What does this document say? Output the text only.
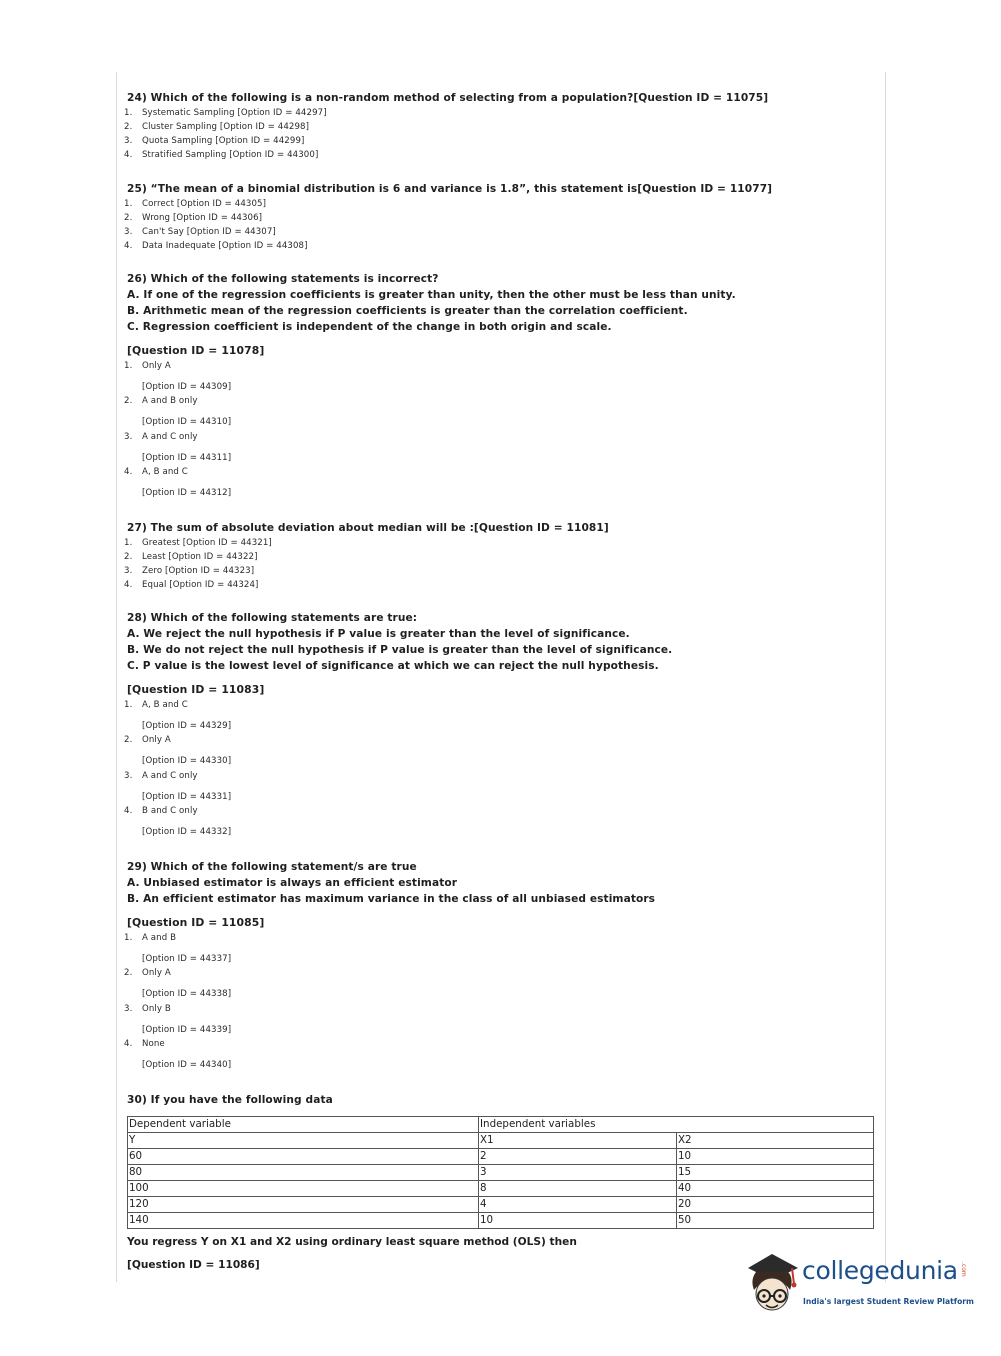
24) Which of the following is a non-random method of selecting from a population?[Question ID = 11075]
1. Systematic Sampling [Option ID = 44297]
2. Cluster Sampling [Option ID = 44298]
3. Quota Sampling [Option ID = 44299]
4. Stratified Sampling [Option ID = 44300]
25) “The mean of a binomial distribution is 6 and variance is 1.8”, this statement is[Question ID = 11077]
1. Correct [Option ID = 44305]
2. Wrong [Option ID = 44306]
3. Can't Say [Option ID = 44307]
4. Data Inadequate [Option ID = 44308]
26) Which of the following statements is incorrect?
A. If one of the regression coefficients is greater than unity, then the other must be less than unity.
B. Arithmetic mean of the regression coefficients is greater than the correlation coefficient.
C. Regression coefficient is independent of the change in both origin and scale.
[Question ID = 11078]
1. Only A
[Option ID = 44309]
2. A and B only
[Option ID = 44310]
3. A and C only
[Option ID = 44311]
4. A, B and C
[Option ID = 44312]
27) The sum of absolute deviation about median will be :[Question ID = 11081]
1. Greatest [Option ID = 44321]
2. Least [Option ID = 44322]
3. Zero [Option ID = 44323]
4. Equal [Option ID = 44324]
28) Which of the following statements are true:
A. We reject the null hypothesis if P value is greater than the level of significance.
B. We do not reject the null hypothesis if P value is greater than the level of significance.
C. P value is the lowest level of significance at which we can reject the null hypothesis.
[Question ID = 11083]
1. A, B and C
[Option ID = 44329]
2. Only A
[Option ID = 44330]
3. A and C only
[Option ID = 44331]
4. B and C only
[Option ID = 44332]
29) Which of the following statement/s are true
A. Unbiased estimator is always an efficient estimator
B. An efficient estimator has maximum variance in the class of all unbiased estimators
[Question ID = 11085]
1. A and B
[Option ID = 44337]
2. Only A
[Option ID = 44338]
3. Only B
[Option ID = 44339]
4. None
[Option ID = 44340]
30) If you have the following data
Dependent variable	Independent variables	
Y	X1	X2
60	2	10
80	3	15
100	8	40
120	4	20
140	10	50
You regress Y on X1 and X2 using ordinary least square method (OLS) then
[Question ID = 11086]	collegedunia .com
India's largest Student Review Platform
